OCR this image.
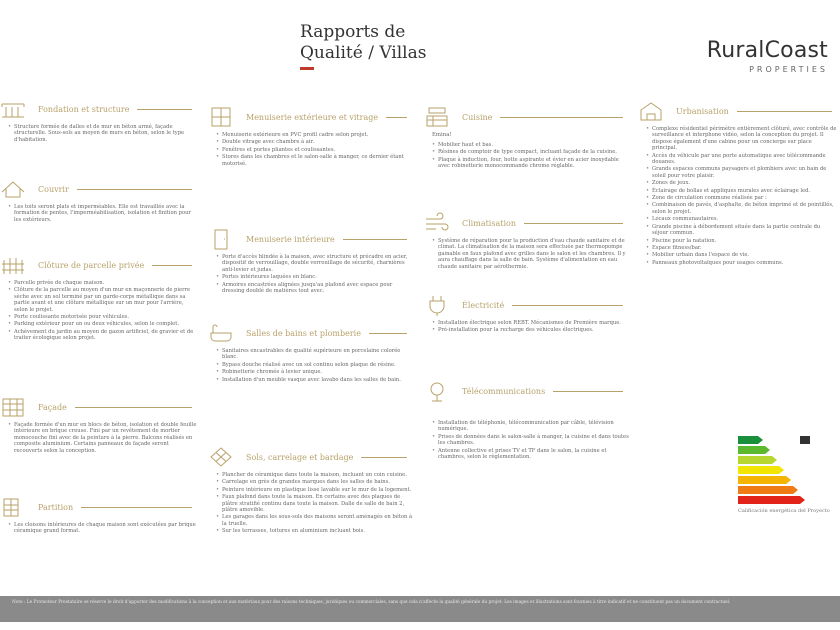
Rapports de
Qualité / Villas	RuralCoast
PROPERTIES
Fondation et structure
• Structure formée de dalles et de mur en béton armé, façade structurelle. Sous-sols au moyen de murs en béton, selon le type d'habitation.
Couvrir
• Les toits seront plats et imperméables. Elle est travaillée avec la formation de pentes, l'imperméabilisation, isolation et finition pour les extérieurs.
Clôture de parcelle privée
• Parcelle privée de chaque maison.
• Clôture de la parcelle au moyen d'un mur en maçonnerie de pierre sèche avec un sol terminé par un garde-corps métallique dans sa partie avant et une clôture métallique sur un mur pour l'arrière, selon le projet.
• Porte coulissante motorisée pour véhicules.
• Parking extérieur pour un ou deux véhicules, selon le complet.
• Achèvement du jardin au moyen de gazon artificiel, de gravier et de traiter écologique selon projet.
Façade
• Façade formée d'un mur en blocs de béton, isolation et double feuille intérieure en brique creuse. Fini par un revêtement de mortier monocouche fini avec de la peinture à la pierre. Balcons réalisés en composite aluminium. Certains panneaux de façade seront recouverts selon la conception.
Partition
• Les cloisons intérieures de chaque maison sont exécutées par brique céramique grand format.
Menuiserie extérieure et vitrage
• Menuiserie extérieure en PVC profil cadre selon projet.
• Double vitrage avec chambre à air.
• Fenêtres et portes pliantes et coulissantes.
• Stores dans les chambres et le salon-salle à manger, ce dernier étant motorisé.
Menuiserie intérieure
• Porte d'accès blindée à la maison, avec structure et précadre en acier, dispositif de verrouillage, double verrouillage de sécurité, charnières anti-levier et judas.
• Portes intérieures laquées en blanc.
• Armoires encastrées alignées jusqu'au plafond avec espace pour dressing doublé de matières tout avec.
Salles de bains et plomberie
• Sanitaires encastrables de qualité supérieure en porcelaine colorée blanc.
• Bypass douche réalisé avec un sol continu selon plaque de résine.
• Robinetterie chromée à levier unique.
• Installation d'un meuble vasque avec lavabo dans les salles de bain.
Sols, carrelage et bardage
• Plancher de céramique dans toute la maison, incluant un coin cuisine.
• Carrelage en grès de grandes marques dans les salles de bains.
• Peinture intérieure en plastique lisse lavable sur le mur de la logement.
• Faux plafond dans toute la maison. En certains avec des plaques de plâtre stratifié continu dans toute la maison. Dalle de salle de bain 2, plâtre amovible.
• Les garages dans les sous-sols des maisons seront aménagés en béton à la truelle.
• Sur les terrasses, toitures en aluminium incluant bois.
Cuisine
Emina!
• Mobilier haut et bas.
• Résines de comptoir de type compact, incluant façade de la cuisine.
• Plaque à induction, four, hotte aspirante et évier en acier inoxydable avec robinetterie monocommande chrome réglable.
Climatisation
• Système de réparation pour la production d'eau chaude sanitaire et de climat. La climatisation de la maison sera effectuée par thermopompe gainable en faux plafond avec grilles dans le salon et les chambres. Il y aura chauffage dans la salle de bain. Système d'alimentation en eau chaude sanitaire par aérothermie.
Électricité
• Installation électrique selon REBT. Mécanismes de Première marque.
• Pré-installation pour la recharge des véhicules électriques.
Télécommunications
• Installation de téléphonie, télécommunication par câble, télévision numérique.
• Prises de données dans le salon-salle à manger, la cuisine et dans toutes les chambres.
• Antenne collective et prises TV et TF dans le salon, la cuisine et chambres, selon le règlementation.
Urbanisation
• Complexe résidentiel périmètre entièrement clôturé, avec contrôle de surveillance et interphone vidéo, selon la conception du projet. Il dispose également d'une cabine pour un concierge sur place principal.
• Accès du véhicule par une porte automatique avec télécommande douanes.
• Grands espaces communs paysagers et plombiers avec un bain de soleil pour votre plaisir.
• Zones de jeux.
• Éclairage de bollas et appliques murales avec éclairage led.
• Zone de circulation commune réalisée par :
• Combinaison de pavés, d'asphalte, de béton imprimé et de pointillés, selon le projet.
• Locaux communautaires.
• Grande piscine à débordement située dans la partie centrale du séjour commun.
• Piscine pour la natation.
• Espace fitness/bar.
• Mobilier urbain dans l'espace de vie.
• Panneaux photovoltaïques pour usages communs.
Calificación energética del Proyecto

Note : Le Promoteur Prestataire se réserve le droit d'apporter des modifications à la conception et aux matériaux pour des raisons techniques, juridiques ou commerciales, sans que cela n'affecte la qualité générale du projet. Les images et illustrations sont fournies à titre indicatif et ne constituent pas un document contractuel.
